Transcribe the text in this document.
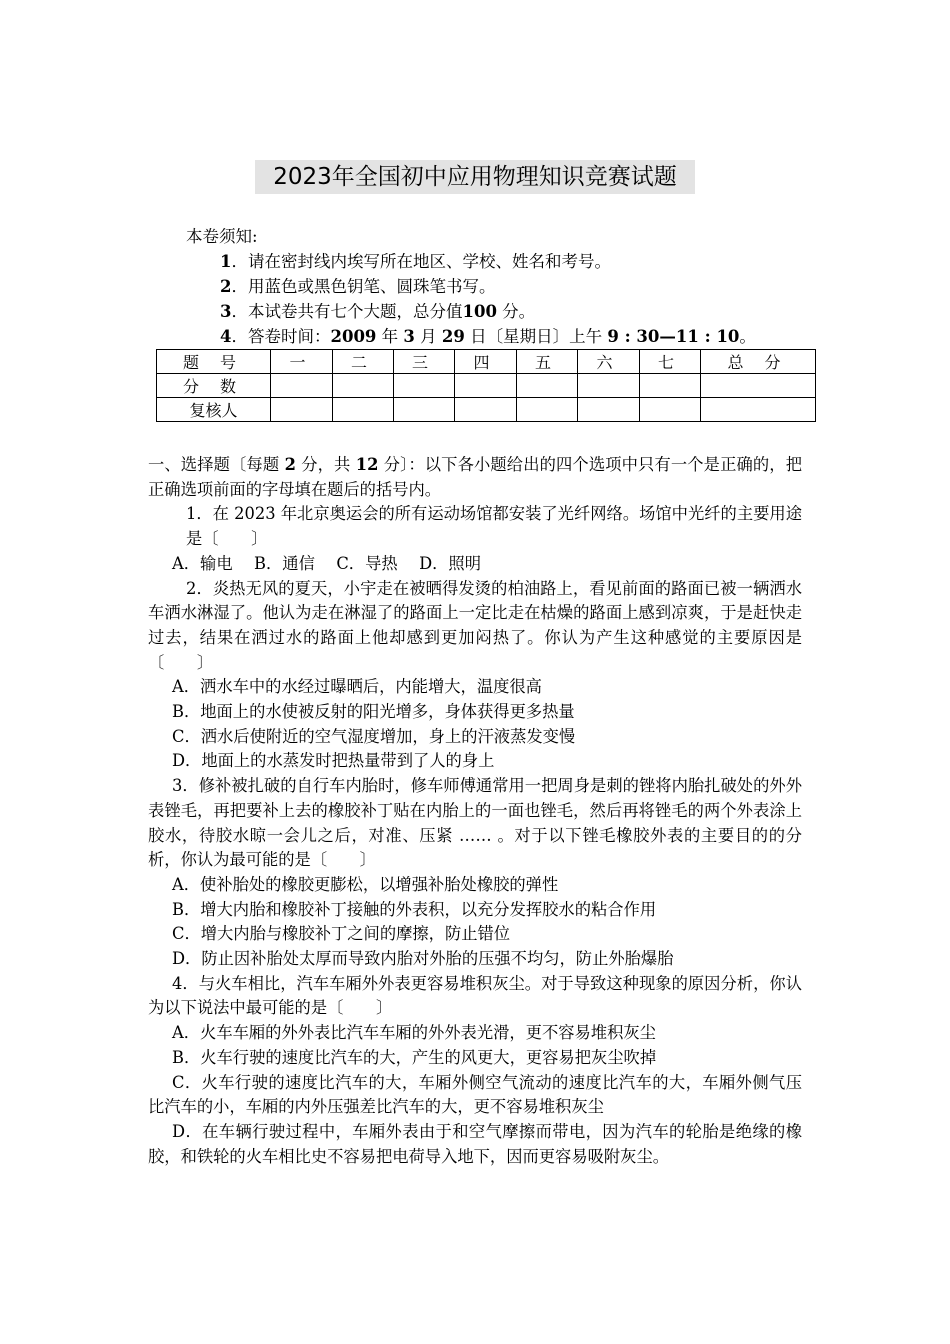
2023年全国初中应用物理知识竞赛试题
本卷须知:
1．请在密封线内埃写所在地区、学校、姓名和考号。
2．用蓝色或黑色钥笔、圆珠笔书写。
3．本试卷共有七个大题，总分值100 分。
4．答卷时间：2009 年 3 月 29 日〔星期日〕上午 9 : 30—11 : 10。
题 号	一	二	三	四	五	六	七	总 分
分 数								
复核人								

一、选择题〔每题 2 分，共 12 分〕：以下各小题给出的四个选项中只有一个是正确的，把正确选项前面的字母填在题后的括号内。

1．在 2023 年北京奥运会的所有运动场馆都安装了光纤网络。场馆中光纤的主要用途是〔　　〕

A．输电　 B．通信　 C．导热　 D．照明

2．炎热无风的夏天，小宇走在被晒得发烫的柏油路上，看见前面的路面已被一辆洒水车洒水淋湿了。他认为走在淋湿了的路面上一定比走在枯燥的路面上感到凉爽，于是赶快走过去，结果在洒过水的路面上他却感到更加闷热了。你认为产生这种感觉的主要原因是〔　　〕

A．洒水车中的水经过曝晒后，内能增大，温度很高

B．地面上的水使被反射的阳光增多，身体获得更多热量

C．洒水后使附近的空气湿度增加，身上的汗液蒸发变慢

D．地面上的水蒸发时把热量带到了人的身上

3．修补被扎破的自行车内胎时，修车师傅通常用一把周身是刺的锉将内胎扎破处的外外表锉毛，再把要补上去的橡胶补丁贴在内胎上的一面也锉毛，然后再将锉毛的两个外表涂上胶水，待胶水晾一会儿之后，对准、压紧 …… 。对于以下锉毛橡胶外表的主要目的的分析，你认为最可能的是〔　　〕

A．使补胎处的橡胶更膨松，以增强补胎处橡胶的弹性

B．增大内胎和橡胶补丁接触的外表积，以充分发挥胶水的粘合作用

C．增大内胎与橡胶补丁之间的摩擦，防止错位

D．防止因补胎处太厚而导致内胎对外胎的压强不均匀，防止外胎爆胎

4．与火车相比，汽车车厢外外表更容易堆积灰尘。对于导致这种现象的原因分析，你认为以下说法中最可能的是〔　　〕

A．火车车厢的外外表比汽车车厢的外外表光滑，更不容易堆积灰尘

B．火车行驶的速度比汽车的大，产生的风更大，更容易把灰尘吹掉

C．火车行驶的速度比汽车的大，车厢外侧空气流动的速度比汽车的大，车厢外侧气压比汽车的小，车厢的内外压强差比汽车的大，更不容易堆积灰尘

D．在车辆行驶过程中，车厢外表由于和空气摩擦而带电，因为汽车的轮胎是绝缘的橡胶，和铁轮的火车相比史不容易把电荷导入地下，因而更容易吸附灰尘。
